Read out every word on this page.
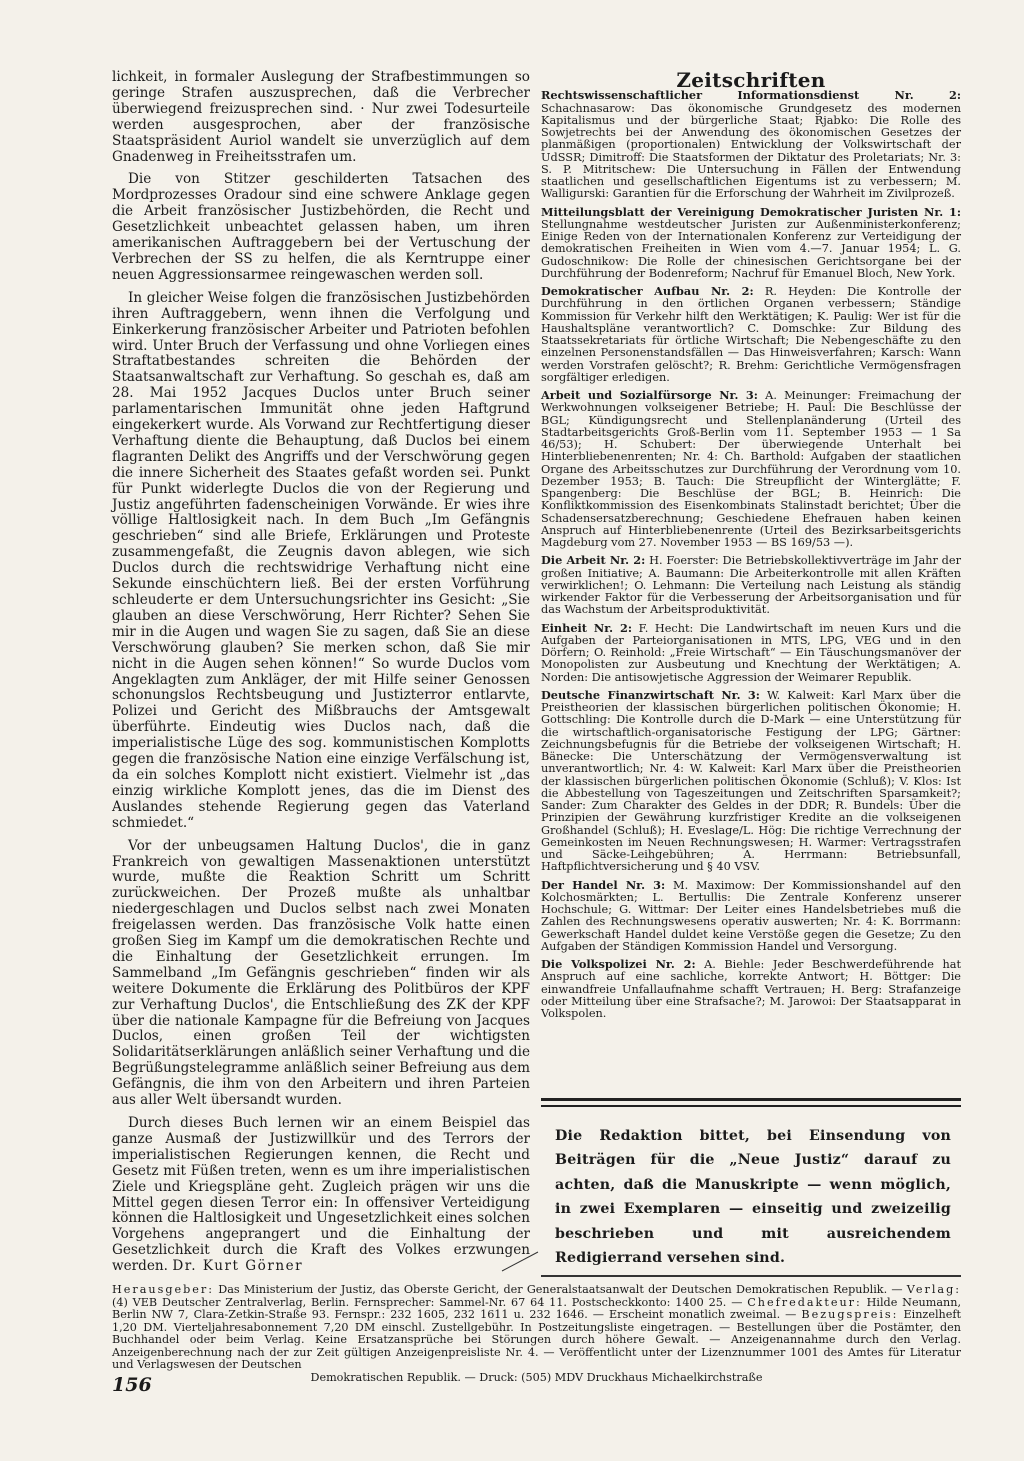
lichkeit, in formaler Auslegung der Strafbestimmungen so geringe Strafen auszusprechen, daß die Verbrecher überwiegend freizusprechen sind. · Nur zwei Todesurteile werden ausgesprochen, aber der französische Staatspräsident Auriol wandelt sie unverzüglich auf dem Gnadenweg in Freiheitsstrafen um.

Die von Stitzer geschilderten Tatsachen des Mordprozesses Oradour sind eine schwere Anklage gegen die Arbeit französischer Justizbehörden, die Recht und Gesetzlichkeit unbeachtet gelassen haben, um ihren amerikanischen Auftraggebern bei der Vertuschung der Verbrechen der SS zu helfen, die als Kerntruppe einer neuen Aggressionsarmee reingewaschen werden soll.

In gleicher Weise folgen die französischen Justizbehörden ihren Auftraggebern, wenn ihnen die Verfolgung und Einkerkerung französischer Arbeiter und Patrioten befohlen wird. Unter Bruch der Verfassung und ohne Vorliegen eines Straftatbestandes schreiten die Behörden der Staatsanwaltschaft zur Verhaftung. So geschah es, daß am 28. Mai 1952 Jacques Duclos unter Bruch seiner parlamentarischen Immunität ohne jeden Haftgrund eingekerkert wurde. Als Vorwand zur Rechtfertigung dieser Verhaftung diente die Behauptung, daß Duclos bei einem flagranten Delikt des Angriffs und der Verschwörung gegen die innere Sicherheit des Staates gefaßt worden sei. Punkt für Punkt widerlegte Duclos die von der Regierung und Justiz angeführten fadenscheinigen Vorwände. Er wies ihre völlige Haltlosigkeit nach. In dem Buch „Im Gefängnis geschrieben“ sind alle Briefe, Erklärungen und Proteste zusammengefaßt, die Zeugnis davon ablegen, wie sich Duclos durch die rechtswidrige Verhaftung nicht eine Sekunde einschüchtern ließ. Bei der ersten Vorführung schleuderte er dem Untersuchungsrichter ins Gesicht: „Sie glauben an diese Verschwörung, Herr Richter? Sehen Sie mir in die Augen und wagen Sie zu sagen, daß Sie an diese Verschwörung glauben? Sie merken schon, daß Sie mir nicht in die Augen sehen können!“ So wurde Duclos vom Angeklagten zum Ankläger, der mit Hilfe seiner Genossen schonungslos Rechtsbeugung und Justizterror entlarvte, Polizei und Gericht des Mißbrauchs der Amtsgewalt überführte. Eindeutig wies Duclos nach, daß die imperialistische Lüge des sog. kommunistischen Komplotts gegen die französische Nation eine einzige Verfälschung ist, da ein solches Komplott nicht existiert. Vielmehr ist „das einzig wirkliche Komplott jenes, das die im Dienst des Auslandes stehende Regierung gegen das Vaterland schmiedet.“

Vor der unbeugsamen Haltung Duclos', die in ganz Frankreich von gewaltigen Massenaktionen unterstützt wurde, mußte die Reaktion Schritt um Schritt zurückweichen. Der Prozeß mußte als unhaltbar niedergeschlagen und Duclos selbst nach zwei Monaten freigelassen werden. Das französische Volk hatte einen großen Sieg im Kampf um die demokratischen Rechte und die Einhaltung der Gesetzlichkeit errungen. Im Sammelband „Im Gefängnis geschrieben“ finden wir als weitere Dokumente die Erklärung des Politbüros der KPF zur Verhaftung Duclos', die Entschließung des ZK der KPF über die nationale Kampagne für die Befreiung von Jacques Duclos, einen großen Teil der wichtigsten Solidaritätserklärungen anläßlich seiner Verhaftung und die Begrüßungstelegramme anläßlich seiner Befreiung aus dem Gefängnis, die ihm von den Arbeitern und ihren Parteien aus aller Welt übersandt wurden.

Durch dieses Buch lernen wir an einem Beispiel das ganze Ausmaß der Justizwillkür und des Terrors der imperialistischen Regierungen kennen, die Recht und Gesetz mit Füßen treten, wenn es um ihre imperialistischen Ziele und Kriegspläne geht. Zugleich prägen wir uns die Mittel gegen diesen Terror ein: In offensiver Verteidigung können die Haltlosigkeit und Ungesetzlichkeit eines solchen Vorgehens angeprangert und die Einhaltung der Gesetzlichkeit durch die Kraft des Volkes erzwungen werden. Dr. Kurt Görner

Zeitschriften

Rechtswissenschaftlicher Informationsdienst Nr. 2: Schachnasarow: Das ökonomische Grundgesetz des modernen Kapitalismus und der bürgerliche Staat; Rjabko: Die Rolle des Sowjetrechts bei der Anwendung des ökonomischen Gesetzes der planmäßigen (proportionalen) Entwicklung der Volkswirtschaft der UdSSR; Dimitroff: Die Staatsformen der Diktatur des Proletariats; Nr. 3: S. P. Mitritschew: Die Untersuchung in Fällen der Entwendung staatlichen und gesellschaftlichen Eigentums ist zu verbessern; M. Walligurski: Garantien für die Erforschung der Wahrheit im Zivilprozeß.

Mitteilungsblatt der Vereinigung Demokratischer Juristen Nr. 1: Stellungnahme westdeutscher Juristen zur Außenministerkonferenz; Einige Reden von der Internationalen Konferenz zur Verteidigung der demokratischen Freiheiten in Wien vom 4.—7. Januar 1954; L. G. Gudoschnikow: Die Rolle der chinesischen Gerichtsorgane bei der Durchführung der Bodenreform; Nachruf für Emanuel Bloch, New York.

Demokratischer Aufbau Nr. 2: R. Heyden: Die Kontrolle der Durchführung in den örtlichen Organen verbessern; Ständige Kommission für Verkehr hilft den Werktätigen; K. Paulig: Wer ist für die Haushaltspläne verantwortlich? C. Domschke: Zur Bildung des Staatssekretariats für örtliche Wirtschaft; Die Nebengeschäfte zu den einzelnen Personenstandsfällen — Das Hinweisverfahren; Karsch: Wann werden Vorstrafen gelöscht?; R. Brehm: Gerichtliche Vermögensfragen sorgfältiger erledigen.

Arbeit und Sozialfürsorge Nr. 3: A. Meinunger: Freimachung der Werkwohnungen volkseigener Betriebe; H. Paul: Die Beschlüsse der BGL; Kündigungsrecht und Stellenplanänderung (Urteil des Stadtarbeitsgerichts Groß-Berlin vom 11. September 1953 — 1 Sa 46/53); H. Schubert: Der überwiegende Unterhalt bei Hinterbliebenenrenten; Nr. 4: Ch. Barthold: Aufgaben der staatlichen Organe des Arbeitsschutzes zur Durchführung der Verordnung vom 10. Dezember 1953; B. Tauch: Die Streupflicht der Winterglätte; F. Spangenberg: Die Beschlüse der BGL; B. Heinrich: Die Konfliktkommission des Eisenkombinats Stalinstadt berichtet; Über die Schadensersatzberechnung; Geschiedene Ehefrauen haben keinen Anspruch auf Hinterbliebenenrente (Urteil des Bezirksarbeitsgerichts Magdeburg vom 27. November 1953 — BS 169/53 —).

Die Arbeit Nr. 2: H. Foerster: Die Betriebskollektivverträge im Jahr der großen Initiative; A. Baumann: Die Arbeiterkontrolle mit allen Kräften verwirklichen!; O. Lehmann: Die Verteilung nach Leistung als ständig wirkender Faktor für die Verbesserung der Arbeitsorganisation und für das Wachstum der Arbeitsproduktivität.

Einheit Nr. 2: F. Hecht: Die Landwirtschaft im neuen Kurs und die Aufgaben der Parteiorganisationen in MTS, LPG, VEG und in den Dörfern; O. Reinhold: „Freie Wirtschaft“ — Ein Täuschungsmanöver der Monopolisten zur Ausbeutung und Knechtung der Werktätigen; A. Norden: Die antisowjetische Aggression der Weimarer Republik.

Deutsche Finanzwirtschaft Nr. 3: W. Kalweit: Karl Marx über die Preistheorien der klassischen bürgerlichen politischen Ökonomie; H. Gottschling: Die Kontrolle durch die D-Mark — eine Unterstützung für die wirtschaftlich-organisatorische Festigung der LPG; Gärtner: Zeichnungsbefugnis für die Betriebe der volkseigenen Wirtschaft; H. Bänecke: Die Unterschätzung der Vermögensverwaltung ist unverantwortlich; Nr. 4: W. Kalweit: Karl Marx über die Preistheorien der klassischen bürgerlichen politischen Ökonomie (Schluß); V. Klos: Ist die Abbestellung von Tageszeitungen und Zeitschriften Sparsamkeit?; Sander: Zum Charakter des Geldes in der DDR; R. Bundels: Über die Prinzipien der Gewährung kurzfristiger Kredite an die volkseigenen Großhandel (Schluß); H. Eveslage/L. Hög: Die richtige Verrechnung der Gemeinkosten im Neuen Rechnungswesen; H. Warmer: Vertragsstrafen und Säcke-Leihgebühren; A. Herrmann: Betriebsunfall, Haftpflichtversicherung und § 40 VSV.

Der Handel Nr. 3: M. Maximow: Der Kommissionshandel auf den Kolchosmärkten; L. Bertullis: Die Zentrale Konferenz unserer Hochschule; G. Wittmar: Der Leiter eines Handelsbetriebes muß die Zahlen des Rechnungswesens operativ auswerten; Nr. 4: K. Borrmann: Gewerkschaft Handel duldet keine Verstöße gegen die Gesetze; Zu den Aufgaben der Ständigen Kommission Handel und Versorgung.

Die Volkspolizei Nr. 2: A. Biehle: Jeder Beschwerdeführende hat Anspruch auf eine sachliche, korrekte Antwort; H. Böttger: Die einwandfreie Unfallaufnahme schafft Vertrauen; H. Berg: Strafanzeige oder Mitteilung über eine Strafsache?; M. Jarowoi: Der Staatsapparat in Volkspolen.

Die Redaktion bittet, bei Einsendung von Beiträgen für die „Neue Justiz“ darauf zu achten, daß die Manuskripte — wenn möglich, in zwei Exemplaren — einseitig und zweizeilig beschrieben und mit ausreichendem Redigierrand versehen sind.
Herausgeber: Das Ministerium der Justiz, das Oberste Gericht, der Generalstaatsanwalt der Deutschen Demokratischen Republik. — Verlag: (4) VEB Deutscher Zentralverlag, Berlin. Fernsprecher: Sammel-Nr. 67 64 11. Postscheckkonto: 1400 25. — Chefredakteur: Hilde Neumann, Berlin NW 7, Clara-Zetkin-Straße 93. Fernspr.: 232 1605, 232 1611 u. 232 1646. — Erscheint monatlich zweimal. — Bezugspreis: Einzelheft 1,20 DM. Vierteljahresabonnement 7,20 DM einschl. Zustellgebühr. In Postzeitungsliste eingetragen. — Bestellungen über die Postämter, den Buchhandel oder beim Verlag. Keine Ersatzansprüche bei Störungen durch höhere Gewalt. — Anzeigenannahme durch den Verlag. Anzeigenberechnung nach der zur Zeit gültigen Anzeigenpreisliste Nr. 4. — Veröffentlicht unter der Lizenznummer 1001 des Amtes für Literatur und Verlagswesen der Deutschen
Demokratischen Republik. — Druck: (505) MDV Druckhaus Michaelkirchstraße
156
